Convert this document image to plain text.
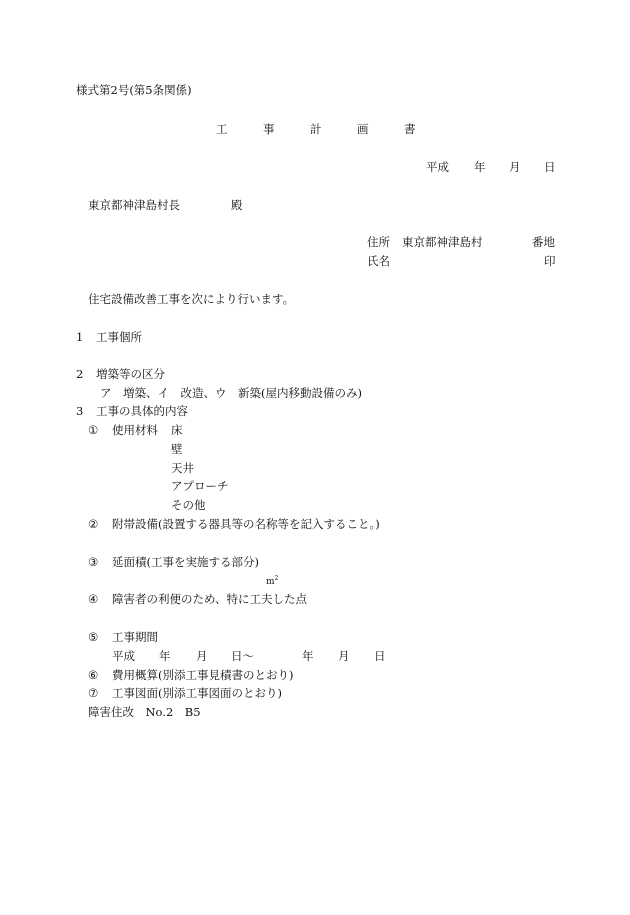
様式第2号(第5条関係)
工	事	計	画	書
平成 年 月 日
東京都神津島村長	殿
住所 東京都神津島村	番地
氏名	印
住宅設備改善工事を次により行います。
1 工事個所
2 増築等の区分
ア　増築、イ　改造、ウ　新築(屋内移動設備のみ)
3 工事の具体的内容
① 使用材料 床
壁
天井
アプローチ
その他
② 附帯設備(設置する器具等の名称等を記入すること。)
③ 延面積(工事を実施する部分)
$m^2$
④ 障害者の利便のため、特に工夫した点
⑤ 工事期間
平成 年 月 日～	年 月 日
⑥ 費用概算(別添工事見積書のとおり)
⑦ 工事図面(別添工事図面のとおり)
障害住改　No.2　B5
